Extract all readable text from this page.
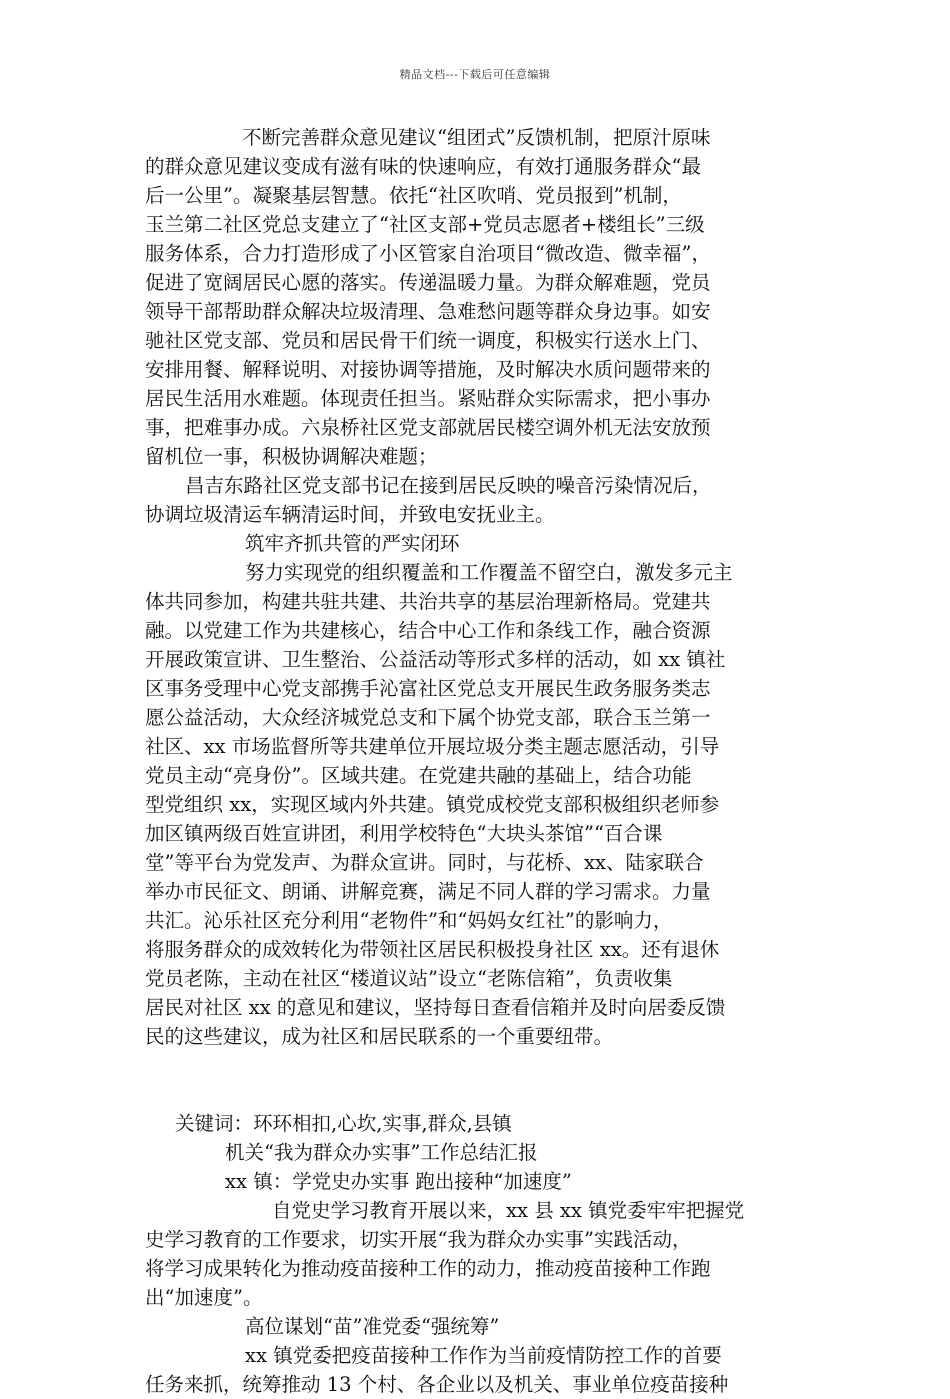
精品文档---下载后可任意编辑
不断完善群众意见建议“组团式”反馈机制，把原汁原味
的群众意见建议变成有滋有味的快速响应，有效打通服务群众“最
后一公里”。凝聚基层智慧。依托“社区吹哨、党员报到”机制，
玉兰第二社区党总支建立了“社区支部+党员志愿者+楼组长”三级
服务体系，合力打造形成了小区管家自治项目“微改造、微幸福”，
促进了宽阔居民心愿的落实。传递温暖力量。为群众解难题，党员
领导干部帮助群众解决垃圾清理、急难愁问题等群众身边事。如安
驰社区党支部、党员和居民骨干们统一调度，积极实行送水上门、
安排用餐、解释说明、对接协调等措施，及时解决水质问题带来的
居民生活用水难题。体现责任担当。紧贴群众实际需求，把小事办
事，把难事办成。六泉桥社区党支部就居民楼空调外机无法安放预
留机位一事，积极协调解决难题；
昌吉东路社区党支部书记在接到居民反映的噪音污染情况后，
协调垃圾清运车辆清运时间，并致电安抚业主。
筑牢齐抓共管的严实闭环
努力实现党的组织覆盖和工作覆盖不留空白，激发多元主
体共同参加，构建共驻共建、共治共享的基层治理新格局。党建共
融。以党建工作为共建核心，结合中心工作和条线工作，融合资源
开展政策宣讲、卫生整治、公益活动等形式多样的活动，如 xx 镇社
区事务受理中心党支部携手沁富社区党总支开展民生政务服务类志
愿公益活动，大众经济城党总支和下属个协党支部，联合玉兰第一
社区、xx 市场监督所等共建单位开展垃圾分类主题志愿活动，引导
党员主动“亮身份”。区域共建。在党建共融的基础上，结合功能
型党组织 xx，实现区域内外共建。镇党成校党支部积极组织老师参
加区镇两级百姓宣讲团，利用学校特色“大块头茶馆”“百合课
堂”等平台为党发声、为群众宣讲。同时，与花桥、xx、陆家联合
举办市民征文、朗诵、讲解竞赛，满足不同人群的学习需求。力量
共汇。沁乐社区充分利用“老物件”和“妈妈女红社”的影响力，
将服务群众的成效转化为带领社区居民积极投身社区 xx。还有退休
党员老陈，主动在社区“楼道议站”设立“老陈信箱”，负责收集
居民对社区 xx 的意见和建议，坚持每日查看信箱并及时向居委反馈
民的这些建议，成为社区和居民联系的一个重要纽带。
关键词：环环相扣,心坎,实事,群众,县镇
机关“我为群众办实事”工作总结汇报
xx 镇：学党史办实事 跑出接种“加速度”
自党史学习教育开展以来，xx 县 xx 镇党委牢牢把握党
史学习教育的工作要求，切实开展“我为群众办实事”实践活动，
将学习成果转化为推动疫苗接种工作的动力，推动疫苗接种工作跑
出“加速度”。
高位谋划“苗”准党委“强统筹”
xx 镇党委把疫苗接种工作作为当前疫情防控工作的首要
任务来抓，统筹推动 13 个村、各企业以及机关、事业单位疫苗接种
